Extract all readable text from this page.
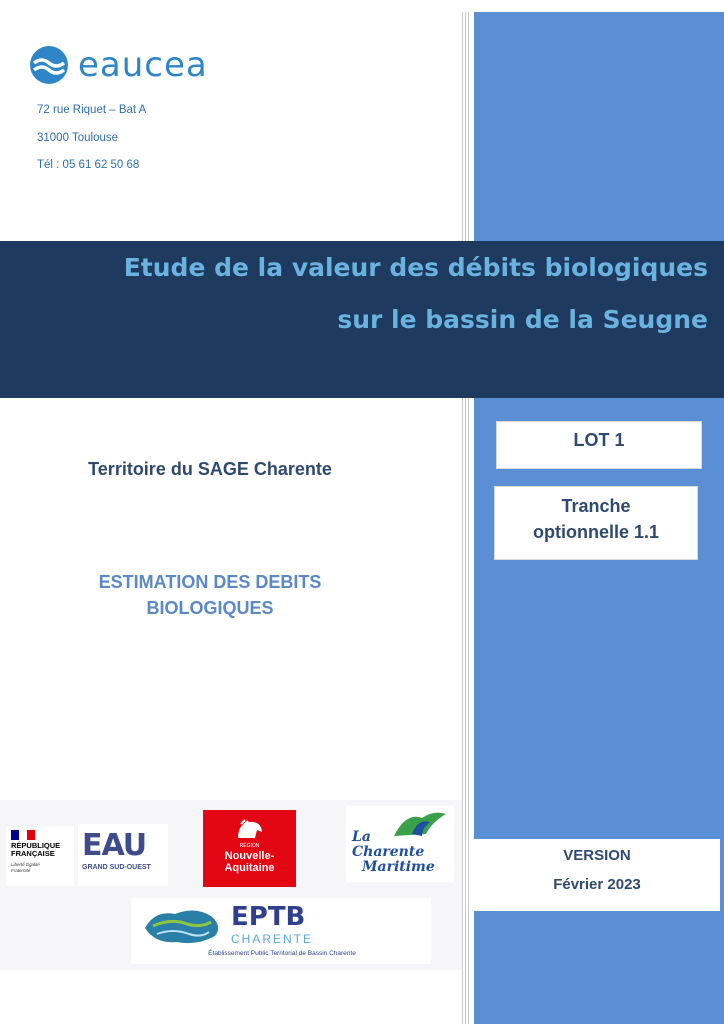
eaucea
72 rue Riquet – Bat A
31000 Toulouse
Tél : 05 61 62 50 68
Etude de la valeur des débits biologiques
sur le bassin de la Seugne
Territoire du SAGE Charente
ESTIMATION DES DEBITS
BIOLOGIQUES
LOT 1
Tranche
optionnelle 1.1
VERSION
Février 2023
RÉPUBLIQUE
FRANÇAISE
Liberté Égalité Fraternité
EAU
GRAND SUD-OUEST
RÉGION
Nouvelle-
Aquitaine
La
Charente
Maritime
EPTB
CHARENTE
Établissement Public Territorial de Bassin Charente
